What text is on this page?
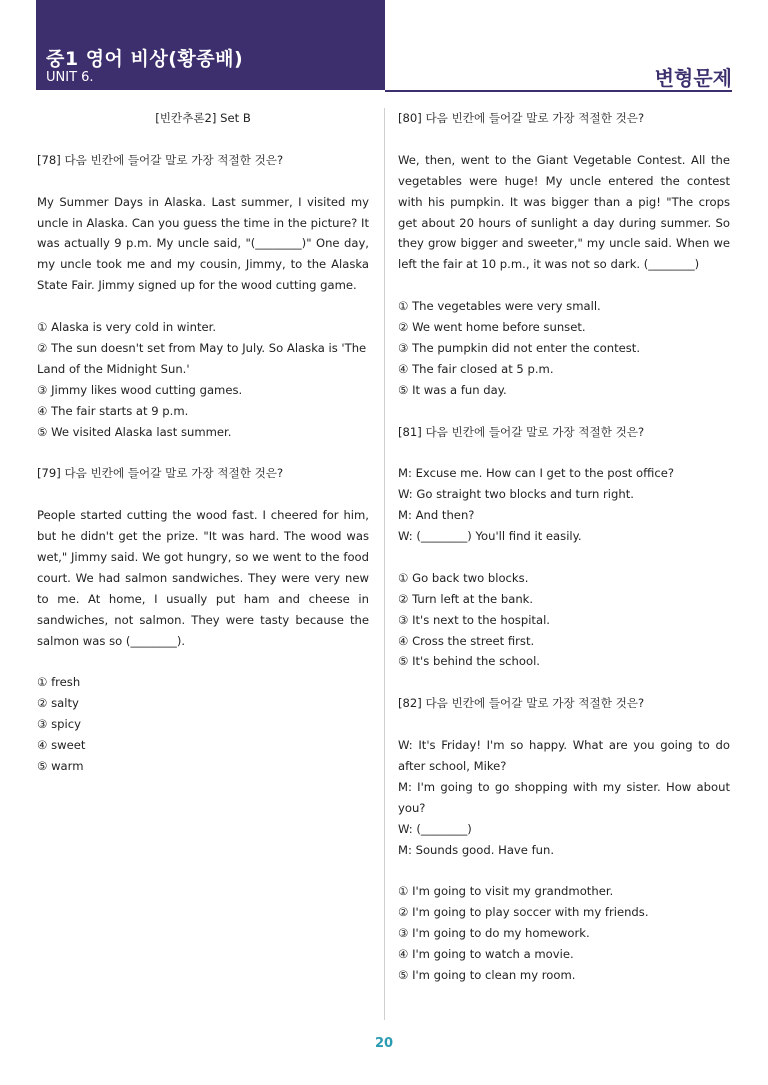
중1 영어 비상(황종배)
UNIT 6.	변형문제
[빈칸추론2] Set B
[78] 다음 빈칸에 들어갈 말로 가장 적절한 것은?
My Summer Days in Alaska. Last summer, I visited my uncle in Alaska. Can you guess the time in the picture? It was actually 9 p.m. My uncle said, "(________)" One day, my uncle took me and my cousin, Jimmy, to the Alaska State Fair. Jimmy signed up for the wood cutting game.
① Alaska is very cold in winter.
② The sun doesn't set from May to July. So Alaska is 'The Land of the Midnight Sun.'
③ Jimmy likes wood cutting games.
④ The fair starts at 9 p.m.
⑤ We visited Alaska last summer.
[79] 다음 빈칸에 들어갈 말로 가장 적절한 것은?
People started cutting the wood fast. I cheered for him, but he didn't get the prize. "It was hard. The wood was wet," Jimmy said. We got hungry, so we went to the food court. We had salmon sandwiches. They were very new to me. At home, I usually put ham and cheese in sandwiches, not salmon. They were tasty because the salmon was so (________).
① fresh
② salty
③ spicy
④ sweet
⑤ warm
[80] 다음 빈칸에 들어갈 말로 가장 적절한 것은?
We, then, went to the Giant Vegetable Contest. All the vegetables were huge! My uncle entered the contest with his pumpkin. It was bigger than a pig! "The crops get about 20 hours of sunlight a day during summer. So they grow bigger and sweeter," my uncle said. When we left the fair at 10 p.m., it was not so dark. (________)
① The vegetables were very small.
② We went home before sunset.
③ The pumpkin did not enter the contest.
④ The fair closed at 5 p.m.
⑤ It was a fun day.
[81] 다음 빈칸에 들어갈 말로 가장 적절한 것은?
M: Excuse me. How can I get to the post office?
W: Go straight two blocks and turn right.
M: And then?
W: (________) You'll find it easily.
① Go back two blocks.
② Turn left at the bank.
③ It's next to the hospital.
④ Cross the street first.
⑤ It's behind the school.
[82] 다음 빈칸에 들어갈 말로 가장 적절한 것은?
W: It's Friday! I'm so happy. What are you going to do after school, Mike?
M: I'm going to go shopping with my sister. How about you?
W: (________)
M: Sounds good. Have fun.
① I'm going to visit my grandmother.
② I'm going to play soccer with my friends.
③ I'm going to do my homework.
④ I'm going to watch a movie.
⑤ I'm going to clean my room.
20
